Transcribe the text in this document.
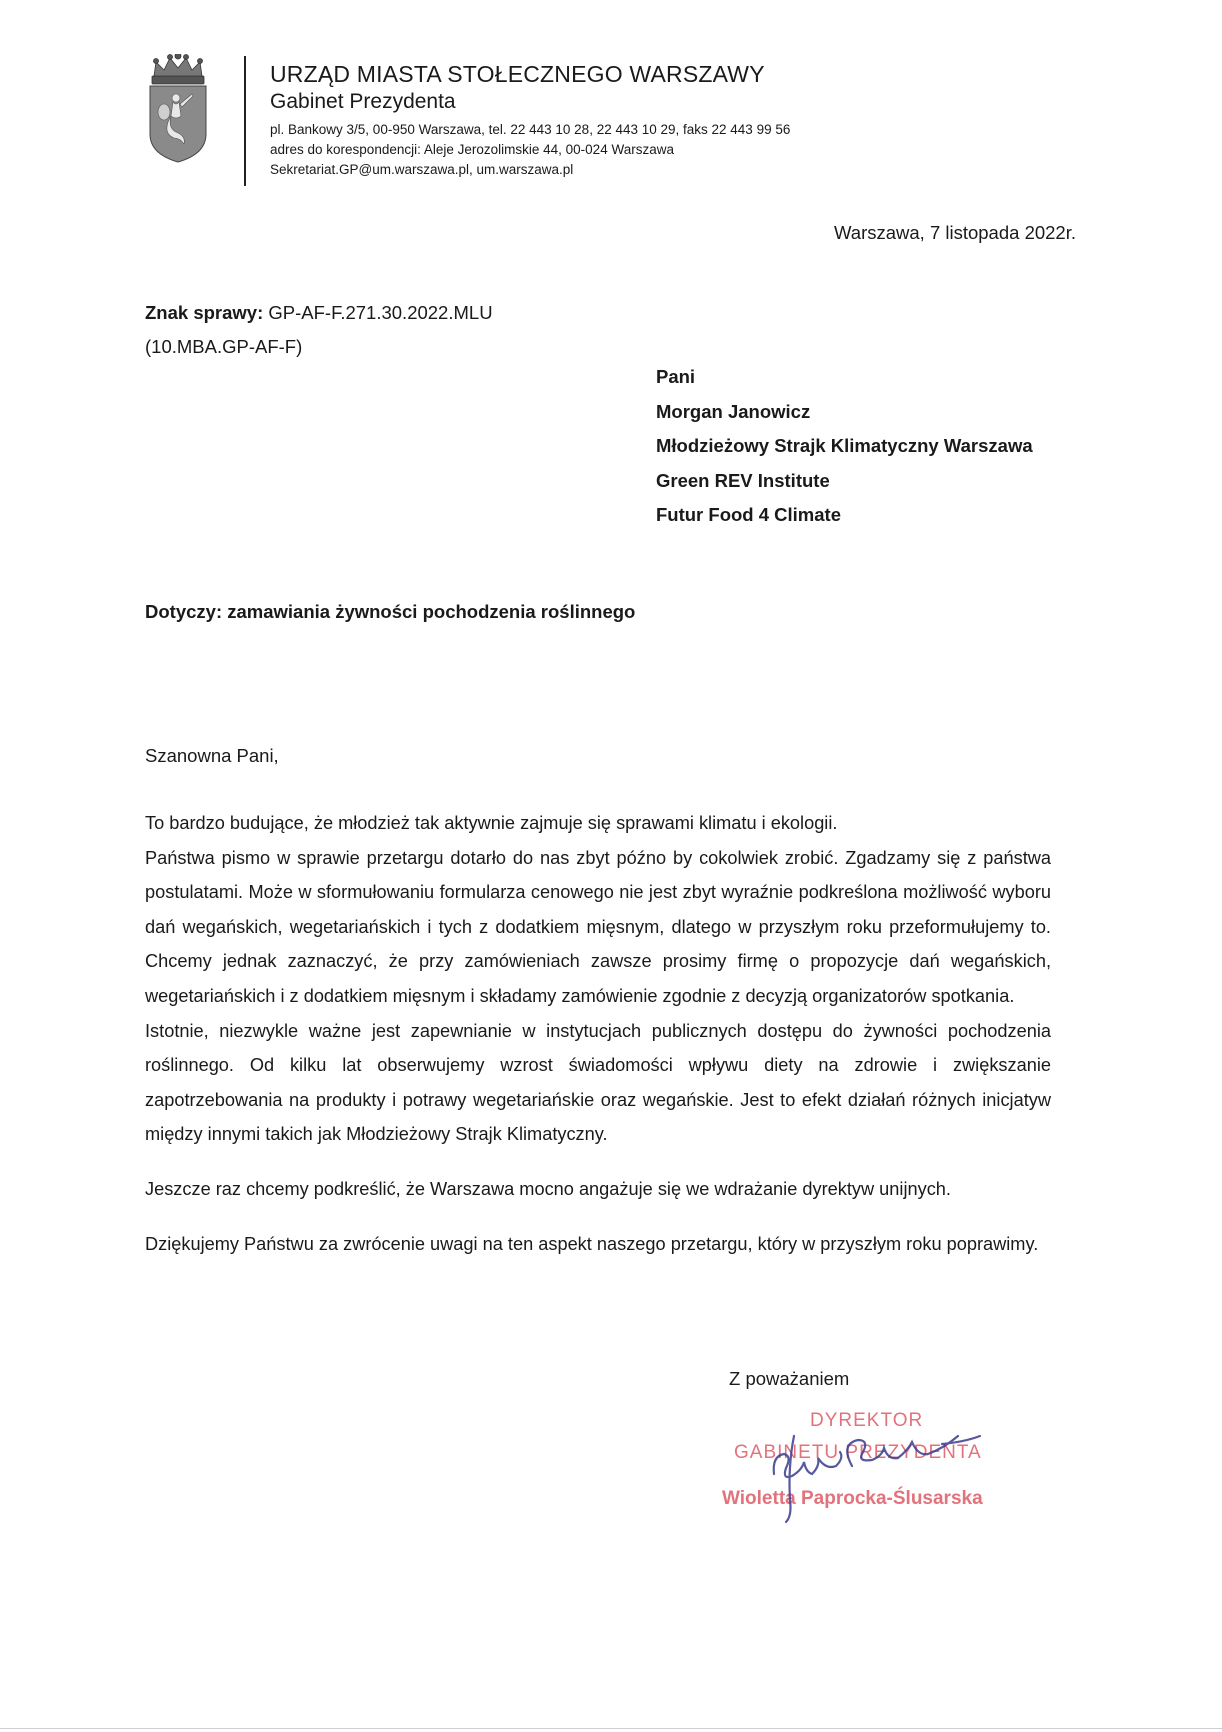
URZĄD MIASTA STOŁECZNEGO WARSZAWY
Gabinet Prezydenta
pl. Bankowy 3/5, 00-950 Warszawa, tel. 22 443 10 28, 22 443 10 29, faks 22 443 99 56
adres do korespondencji: Aleje Jerozolimskie 44, 00-024 Warszawa
Sekretariat.GP@um.warszawa.pl, um.warszawa.pl
Warszawa, 7 listopada 2022r.
Znak sprawy: GP-AF-F.271.30.2022.MLU
(10.MBA.GP-AF-F)
Pani
Morgan Janowicz
Młodzieżowy Strajk Klimatyczny Warszawa
Green REV Institute
Futur Food 4 Climate
Dotyczy: zamawiania żywności pochodzenia roślinnego
Szanowna Pani,

To bardzo budujące, że młodzież tak aktywnie zajmuje się sprawami klimatu i ekologii.

Państwa pismo w sprawie przetargu dotarło do nas zbyt późno by cokolwiek zrobić. Zgadzamy się z państwa postulatami. Może w sformułowaniu formularza cenowego nie jest zbyt wyraźnie podkreślona możliwość wyboru dań wegańskich, wegetariańskich i tych z dodatkiem mięsnym, dlatego w przyszłym roku przeformułujemy to. Chcemy jednak zaznaczyć, że przy zamówieniach zawsze prosimy firmę o propozycje dań wegańskich, wegetariańskich i z dodatkiem mięsnym i składamy zamówienie zgodnie z decyzją organizatorów spotkania.

Istotnie, niezwykle ważne jest zapewnianie w instytucjach publicznych dostępu do żywności pochodzenia roślinnego. Od kilku lat obserwujemy wzrost świadomości wpływu diety na zdrowie i zwiększanie zapotrzebowania na produkty i potrawy wegetariańskie oraz wegańskie. Jest to efekt działań różnych inicjatyw między innymi takich jak Młodzieżowy Strajk Klimatyczny.

Jeszcze raz chcemy podkreślić, że Warszawa mocno angażuje się we wdrażanie dyrektyw unijnych.

Dziękujemy Państwu za zwrócenie uwagi na ten aspekt naszego przetargu, który w przyszłym roku poprawimy.

Z poważaniem
DYREKTOR
GABINETU PREZYDENTA
Wioletta Paprocka-Ślusarska
